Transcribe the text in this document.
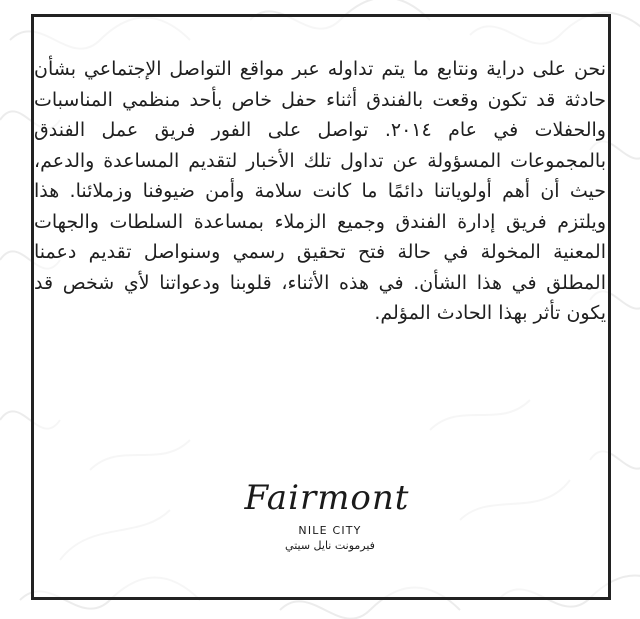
نحن على دراية ونتابع ما يتم تداوله عبر مواقع التواصل الإجتماعي بشأن حادثة قد تكون وقعت بالفندق أثناء حفل خاص بأحد منظمي المناسبات والحفلات في عام ٢٠١٤. تواصل على الفور فريق عمل الفندق بالمجموعات المسؤولة عن تداول تلك الأخبار لتقديم المساعدة والدعم، حيث أن أهم أولوياتنا دائمًا ما كانت سلامة وأمن ضيوفنا وزملائنا. هذا ويلتزم فريق إدارة الفندق وجميع الزملاء بمساعدة السلطات والجهات المعنية المخولة في حالة فتح تحقيق رسمي وسنواصل تقديم دعمنا المطلق في هذا الشأن. في هذه الأثناء، قلوبنا ودعواتنا لأي شخص قد يكون تأثر بهذا الحادث المؤلم.

Fairmont
NILE CITY
فيرمونت نايل سيتي
